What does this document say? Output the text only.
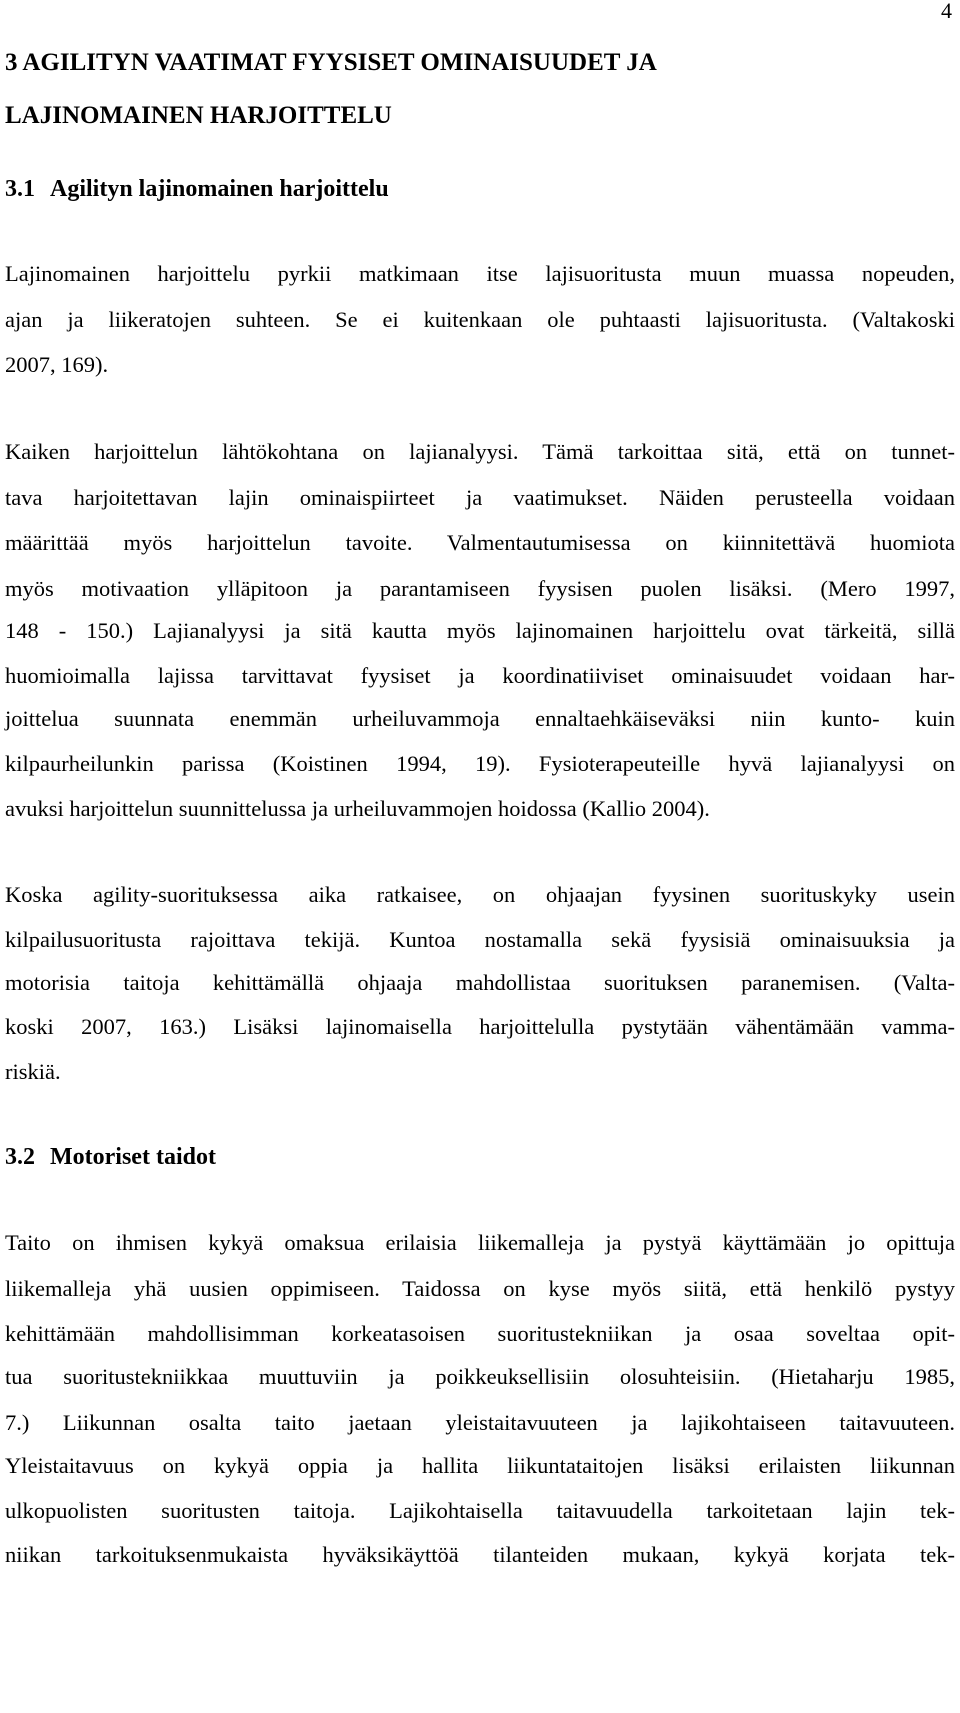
4
3 AGILITYN VAATIMAT FYYSISET OMINAISUUDET JA
LAJINOMAINEN HARJOITTELU
3.1 Agilityn lajinomainen harjoittelu
Lajinomainen harjoittelu pyrkii matkimaan itse lajisuoritusta muun muassa nopeuden,
ajan ja liikeratojen suhteen. Se ei kuitenkaan ole puhtaasti lajisuoritusta. (Valtakoski
2007, 169).
Kaiken harjoittelun lähtökohtana on lajianalyysi. Tämä tarkoittaa sitä, että on tunnet-
tava harjoitettavan lajin ominaispiirteet ja vaatimukset. Näiden perusteella voidaan
määrittää myös harjoittelun tavoite. Valmentautumisessa on kiinnitettävä huomiota
myös motivaation ylläpitoon ja parantamiseen fyysisen puolen lisäksi. (Mero 1997,
148 - 150.) Lajianalyysi ja sitä kautta myös lajinomainen harjoittelu ovat tärkeitä, sillä
huomioimalla lajissa tarvittavat fyysiset ja koordinatiiviset ominaisuudet voidaan har-
joittelua suunnata enemmän urheiluvammoja ennaltaehkäiseväksi niin kunto- kuin
kilpaurheilunkin parissa (Koistinen 1994, 19). Fysioterapeuteille hyvä lajianalyysi on
avuksi harjoittelun suunnittelussa ja urheiluvammojen hoidossa (Kallio 2004).
Koska agility-suorituksessa aika ratkaisee, on ohjaajan fyysinen suorituskyky usein
kilpailusuoritusta rajoittava tekijä. Kuntoa nostamalla sekä fyysisiä ominaisuuksia ja
motorisia taitoja kehittämällä ohjaaja mahdollistaa suorituksen paranemisen. (Valta-
koski 2007, 163.) Lisäksi lajinomaisella harjoittelulla pystytään vähentämään vamma-
riskiä.
3.2 Motoriset taidot
Taito on ihmisen kykyä omaksua erilaisia liikemalleja ja pystyä käyttämään jo opittuja
liikemalleja yhä uusien oppimiseen. Taidossa on kyse myös siitä, että henkilö pystyy
kehittämään mahdollisimman korkeatasoisen suoritustekniikan ja osaa soveltaa opit-
tua suoritustekniikkaa muuttuviin ja poikkeuksellisiin olosuhteisiin. (Hietaharju 1985,
7.) Liikunnan osalta taito jaetaan yleistaitavuuteen ja lajikohtaiseen taitavuuteen.
Yleistaitavuus on kykyä oppia ja hallita liikuntataitojen lisäksi erilaisten liikunnan
ulkopuolisten suoritusten taitoja. Lajikohtaisella taitavuudella tarkoitetaan lajin tek-
niikan tarkoituksenmukaista hyväksikäyttöä tilanteiden mukaan, kykyä korjata tek-
